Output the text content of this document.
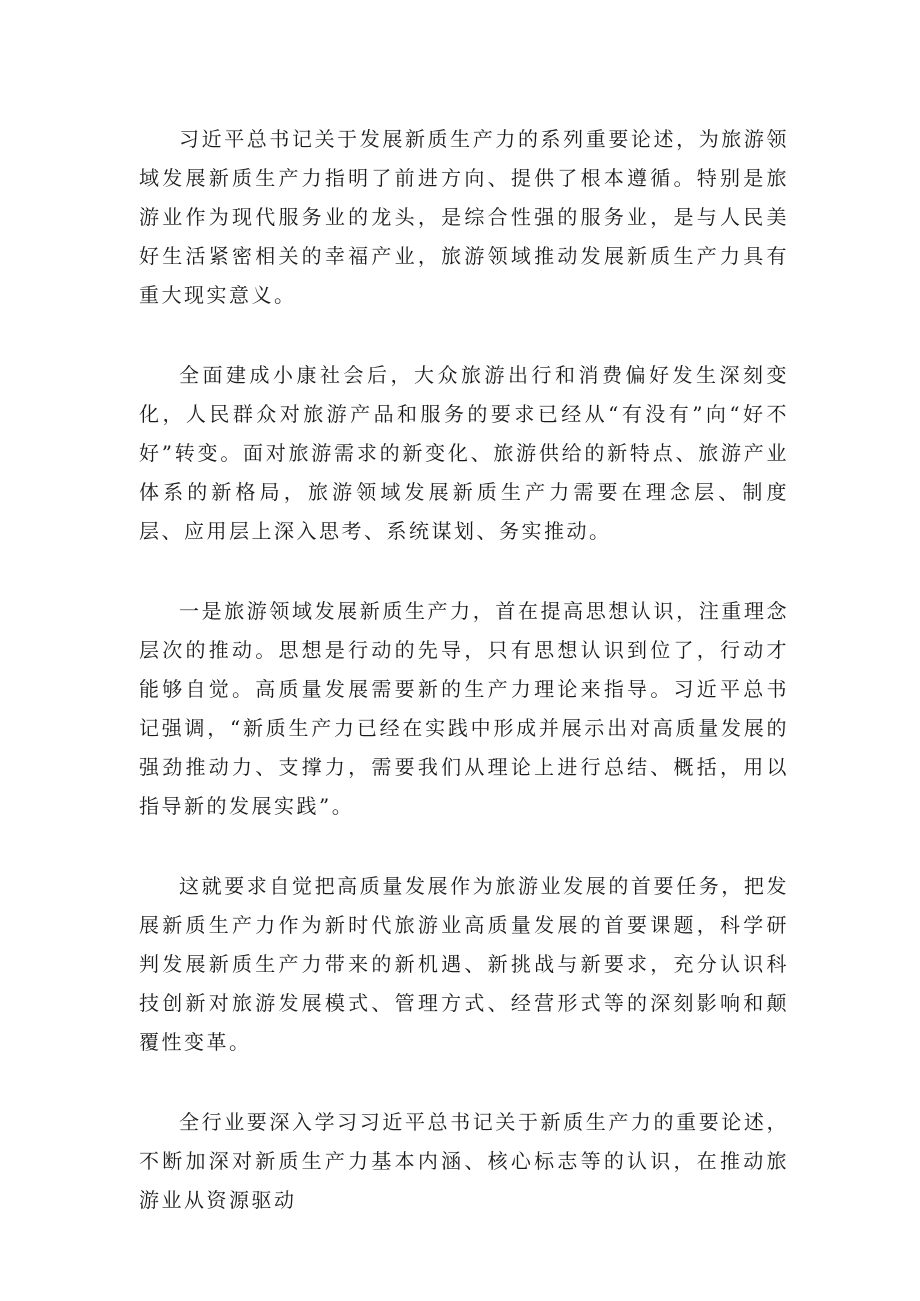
习近平总书记关于发展新质生产力的系列重要论述，为旅游领域发展新质生产力指明了前进方向、提供了根本遵循。特别是旅游业作为现代服务业的龙头，是综合性强的服务业，是与人民美好生活紧密相关的幸福产业，旅游领域推动发展新质生产力具有重大现实意义。

全面建成小康社会后，大众旅游出行和消费偏好发生深刻变化，人民群众对旅游产品和服务的要求已经从“有没有”向“好不好”转变。面对旅游需求的新变化、旅游供给的新特点、旅游产业体系的新格局，旅游领域发展新质生产力需要在理念层、制度层、应用层上深入思考、系统谋划、务实推动。

一是旅游领域发展新质生产力，首在提高思想认识，注重理念层次的推动。思想是行动的先导，只有思想认识到位了，行动才能够自觉。高质量发展需要新的生产力理论来指导。习近平总书记强调，“新质生产力已经在实践中形成并展示出对高质量发展的强劲推动力、支撑力，需要我们从理论上进行总结、概括，用以指导新的发展实践”。

这就要求自觉把高质量发展作为旅游业发展的首要任务，把发展新质生产力作为新时代旅游业高质量发展的首要课题，科学研判发展新质生产力带来的新机遇、新挑战与新要求，充分认识科技创新对旅游发展模式、管理方式、经营形式等的深刻影响和颠覆性变革。

全行业要深入学习习近平总书记关于新质生产力的重要论述，不断加深对新质生产力基本内涵、核心标志等的认识，在推动旅游业从资源驱动
